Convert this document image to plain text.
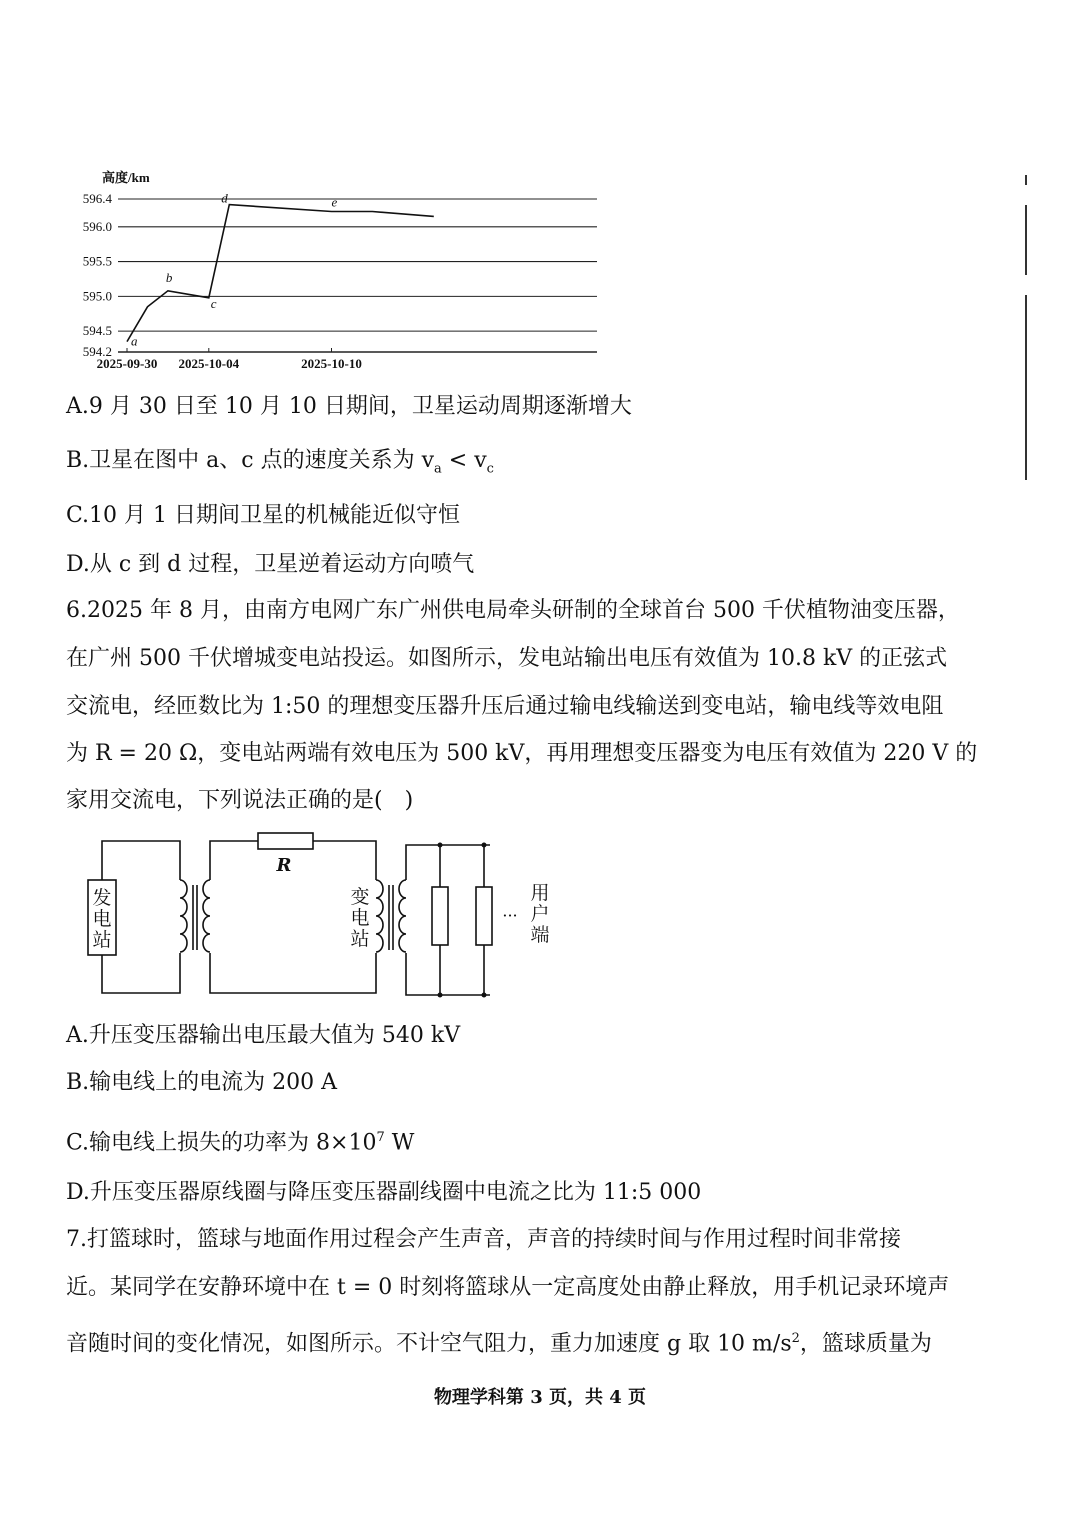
高度/km
596.4
596.0
595.5
595.0
594.5
594.2
2025-09-30 2025-10-04	2025-10-10
a
b
c
d	e
A.9 月 30 日至 10 月 10 日期间，卫星运动周期逐渐增大
B.卫星在图中 a、c 点的速度关系为 $v_a < v_c$
C.10 月 1 日期间卫星的机械能近似守恒
D.从 c 到 d 过程，卫星逆着运动方向喷气
6.2025 年 8 月，由南方电网广东广州供电局牵头研制的全球首台 500 千伏植物油变压器，
在广州 500 千伏增城变电站投运。如图所示，发电站输出电压有效值为 10.8 kV 的正弦式
交流电，经匝数比为 1:50 的理想变压器升压后通过输电线输送到变电站，输电线等效电阻
为 R = 20 Ω，变电站两端有效电压为 500 kV，再用理想变压器变为电压有效值为 220 V 的
家用交流电，下列说法正确的是(　)
发
电
站
R
变
电
站
···
用
户
端
A.升压变压器输出电压最大值为 540 kV
B.输电线上的电流为 200 A
C.输电线上损失的功率为 $8\times 10^7$ W
D.升压变压器原线圈与降压变压器副线圈中电流之比为 11:5 000
7.打篮球时，篮球与地面作用过程会产生声音，声音的持续时间与作用过程时间非常接
近。某同学在安静环境中在 t = 0 时刻将篮球从一定高度处由静止释放，用手机记录环境声
音随时间的变化情况，如图所示。不计空气阻力，重力加速度 g 取 10 $m/s^2$，篮球质量为
物理学科第 3 页，共 4 页
